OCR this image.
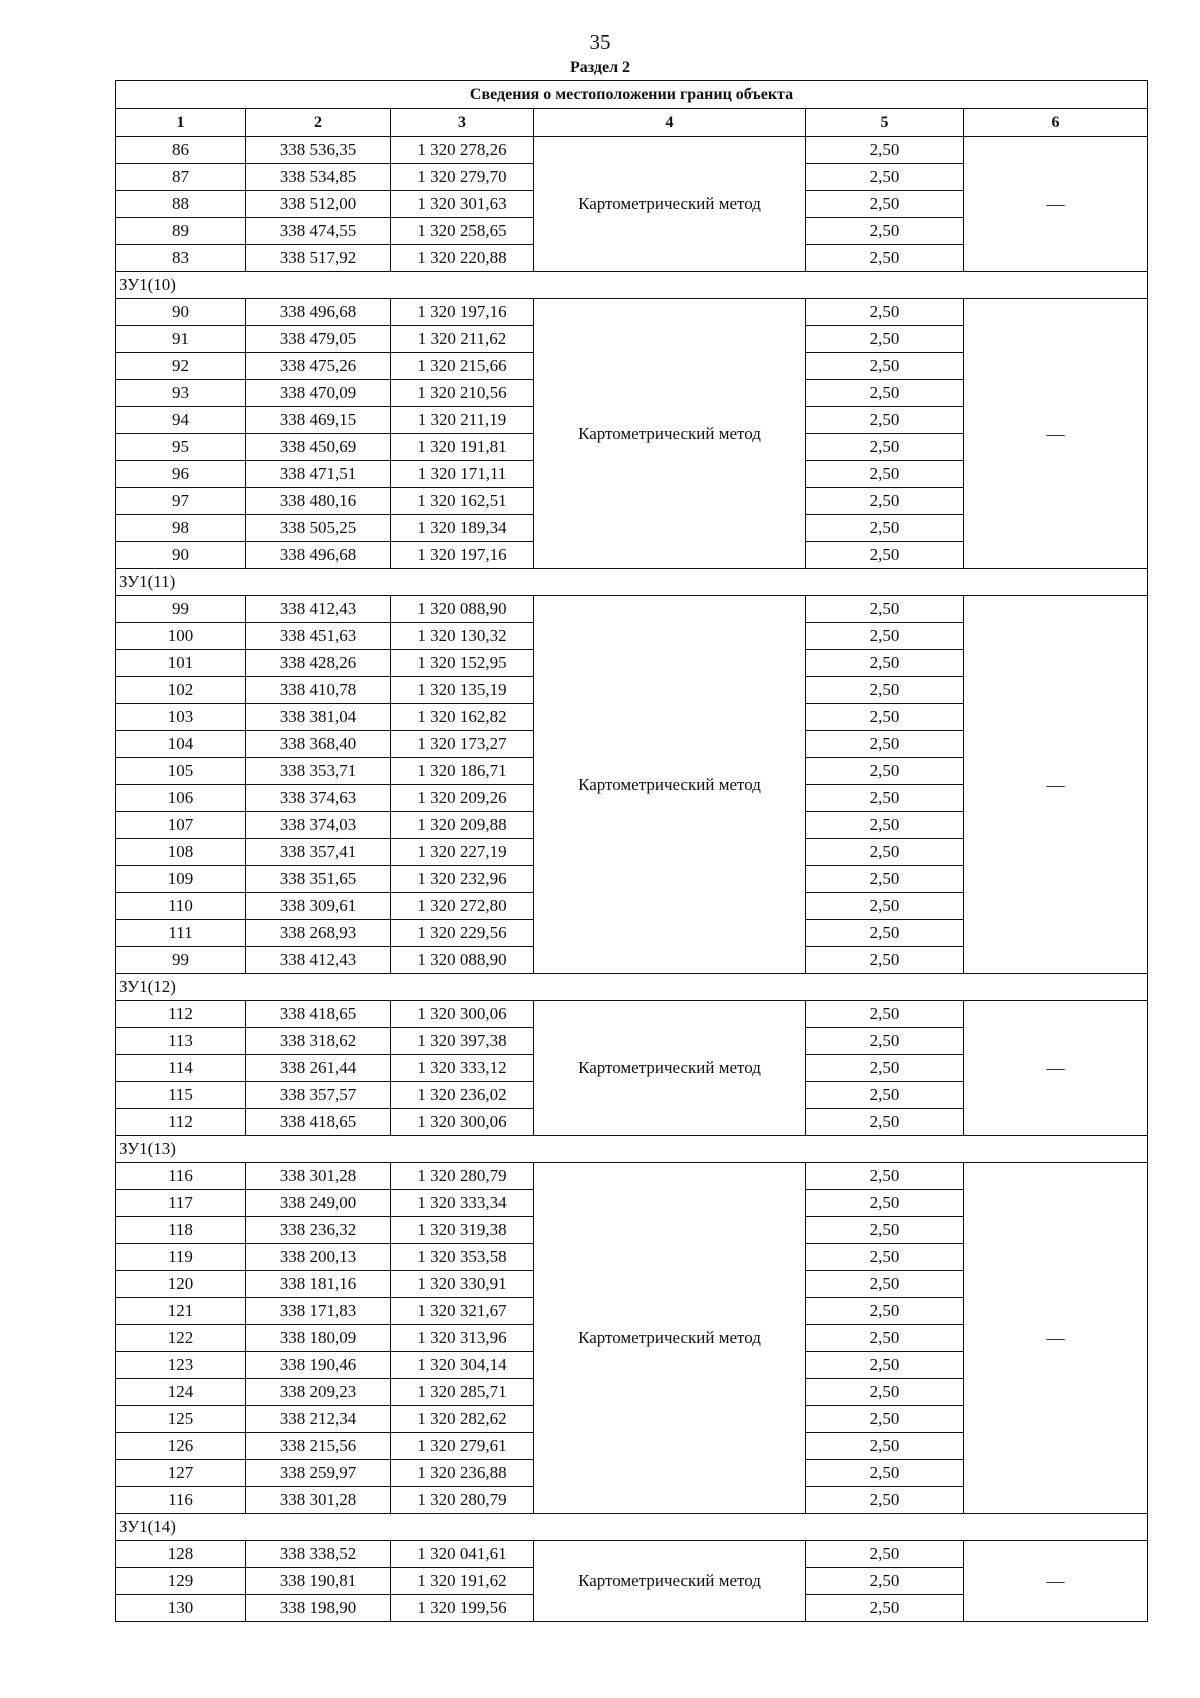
35
Раздел 2
Сведения о местоположении границ объекта					
1	2	3	4	5	6
86	338 536,35	1 320 278,26	Картометрический метод	2,50	—
87	338 534,85	1 320 279,70		2,50	
88	338 512,00	1 320 301,63		2,50	
89	338 474,55	1 320 258,65		2,50	
83	338 517,92	1 320 220,88		2,50	
ЗУ1(10)					
90	338 496,68	1 320 197,16	Картометрический метод	2,50	—
91	338 479,05	1 320 211,62		2,50	
92	338 475,26	1 320 215,66		2,50	
93	338 470,09	1 320 210,56		2,50	
94	338 469,15	1 320 211,19		2,50	
95	338 450,69	1 320 191,81		2,50	
96	338 471,51	1 320 171,11		2,50	
97	338 480,16	1 320 162,51		2,50	
98	338 505,25	1 320 189,34		2,50	
90	338 496,68	1 320 197,16		2,50	
ЗУ1(11)					
99	338 412,43	1 320 088,90	Картометрический метод	2,50	—
100	338 451,63	1 320 130,32		2,50	
101	338 428,26	1 320 152,95		2,50	
102	338 410,78	1 320 135,19		2,50	
103	338 381,04	1 320 162,82		2,50	
104	338 368,40	1 320 173,27		2,50	
105	338 353,71	1 320 186,71		2,50	
106	338 374,63	1 320 209,26		2,50	
107	338 374,03	1 320 209,88		2,50	
108	338 357,41	1 320 227,19		2,50	
109	338 351,65	1 320 232,96		2,50	
110	338 309,61	1 320 272,80		2,50	
111	338 268,93	1 320 229,56		2,50	
99	338 412,43	1 320 088,90		2,50	
ЗУ1(12)					
112	338 418,65	1 320 300,06	Картометрический метод	2,50	—
113	338 318,62	1 320 397,38		2,50	
114	338 261,44	1 320 333,12		2,50	
115	338 357,57	1 320 236,02		2,50	
112	338 418,65	1 320 300,06		2,50	
ЗУ1(13)					
116	338 301,28	1 320 280,79	Картометрический метод	2,50	—
117	338 249,00	1 320 333,34		2,50	
118	338 236,32	1 320 319,38		2,50	
119	338 200,13	1 320 353,58		2,50	
120	338 181,16	1 320 330,91		2,50	
121	338 171,83	1 320 321,67		2,50	
122	338 180,09	1 320 313,96		2,50	
123	338 190,46	1 320 304,14		2,50	
124	338 209,23	1 320 285,71		2,50	
125	338 212,34	1 320 282,62		2,50	
126	338 215,56	1 320 279,61		2,50	
127	338 259,97	1 320 236,88		2,50	
116	338 301,28	1 320 280,79		2,50	
ЗУ1(14)					
128	338 338,52	1 320 041,61	Картометрический метод	2,50	—
129	338 190,81	1 320 191,62		2,50	
130	338 198,90	1 320 199,56		2,50	
